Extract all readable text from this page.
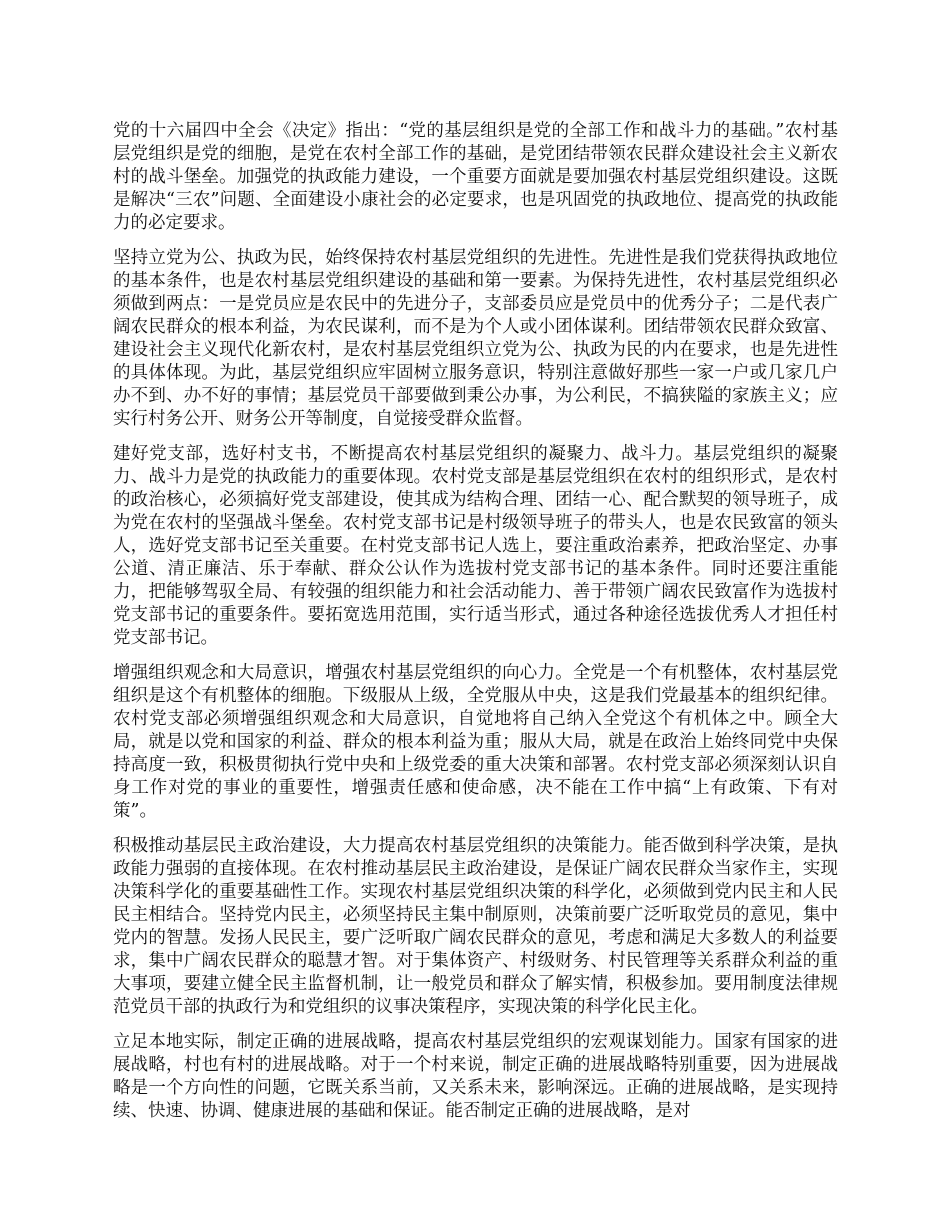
党的十六届四中全会《决定》指出：“党的基层组织是党的全部工作和战斗力的基础。”农村基层党组织是党的细胞，是党在农村全部工作的基础，是党团结带领农民群众建设社会主义新农村的战斗堡垒。加强党的执政能力建设，一个重要方面就是要加强农村基层党组织建设。这既是解决“三农”问题、全面建设小康社会的必定要求，也是巩固党的执政地位、提高党的执政能力的必定要求。

坚持立党为公、执政为民，始终保持农村基层党组织的先进性。先进性是我们党获得执政地位的基本条件，也是农村基层党组织建设的基础和第一要素。为保持先进性，农村基层党组织必须做到两点：一是党员应是农民中的先进分子，支部委员应是党员中的优秀分子；二是代表广阔农民群众的根本利益，为农民谋利，而不是为个人或小团体谋利。团结带领农民群众致富、建设社会主义现代化新农村，是农村基层党组织立党为公、执政为民的内在要求，也是先进性的具体体现。为此，基层党组织应牢固树立服务意识，特别注意做好那些一家一户或几家几户办不到、办不好的事情；基层党员干部要做到秉公办事，为公利民，不搞狭隘的家族主义；应实行村务公开、财务公开等制度，自觉接受群众监督。

建好党支部，选好村支书，不断提高农村基层党组织的凝聚力、战斗力。基层党组织的凝聚力、战斗力是党的执政能力的重要体现。农村党支部是基层党组织在农村的组织形式，是农村的政治核心，必须搞好党支部建设，使其成为结构合理、团结一心、配合默契的领导班子，成为党在农村的坚强战斗堡垒。农村党支部书记是村级领导班子的带头人，也是农民致富的领头人，选好党支部书记至关重要。在村党支部书记人选上，要注重政治素养，把政治坚定、办事公道、清正廉洁、乐于奉献、群众公认作为选拔村党支部书记的基本条件。同时还要注重能力，把能够驾驭全局、有较强的组织能力和社会活动能力、善于带领广阔农民致富作为选拔村党支部书记的重要条件。要拓宽选用范围，实行适当形式，通过各种途径选拔优秀人才担任村党支部书记。

增强组织观念和大局意识，增强农村基层党组织的向心力。全党是一个有机整体，农村基层党组织是这个有机整体的细胞。下级服从上级，全党服从中央，这是我们党最基本的组织纪律。农村党支部必须增强组织观念和大局意识，自觉地将自己纳入全党这个有机体之中。顾全大局，就是以党和国家的利益、群众的根本利益为重；服从大局，就是在政治上始终同党中央保持高度一致，积极贯彻执行党中央和上级党委的重大决策和部署。农村党支部必须深刻认识自身工作对党的事业的重要性，增强责任感和使命感，决不能在工作中搞“上有政策、下有对策”。

积极推动基层民主政治建设，大力提高农村基层党组织的决策能力。能否做到科学决策，是执政能力强弱的直接体现。在农村推动基层民主政治建设，是保证广阔农民群众当家作主，实现决策科学化的重要基础性工作。实现农村基层党组织决策的科学化，必须做到党内民主和人民民主相结合。坚持党内民主，必须坚持民主集中制原则，决策前要广泛听取党员的意见，集中党内的智慧。发扬人民民主，要广泛听取广阔农民群众的意见，考虑和满足大多数人的利益要求，集中广阔农民群众的聪慧才智。对于集体资产、村级财务、村民管理等关系群众利益的重大事项，要建立健全民主监督机制，让一般党员和群众了解实情，积极参加。要用制度法律规范党员干部的执政行为和党组织的议事决策程序，实现决策的科学化民主化。

立足本地实际，制定正确的进展战略，提高农村基层党组织的宏观谋划能力。国家有国家的进展战略，村也有村的进展战略。对于一个村来说，制定正确的进展战略特别重要，因为进展战略是一个方向性的问题，它既关系当前，又关系未来，影响深远。正确的进展战略，是实现持续、快速、协调、健康进展的基础和保证。能否制定正确的进展战略，是对
